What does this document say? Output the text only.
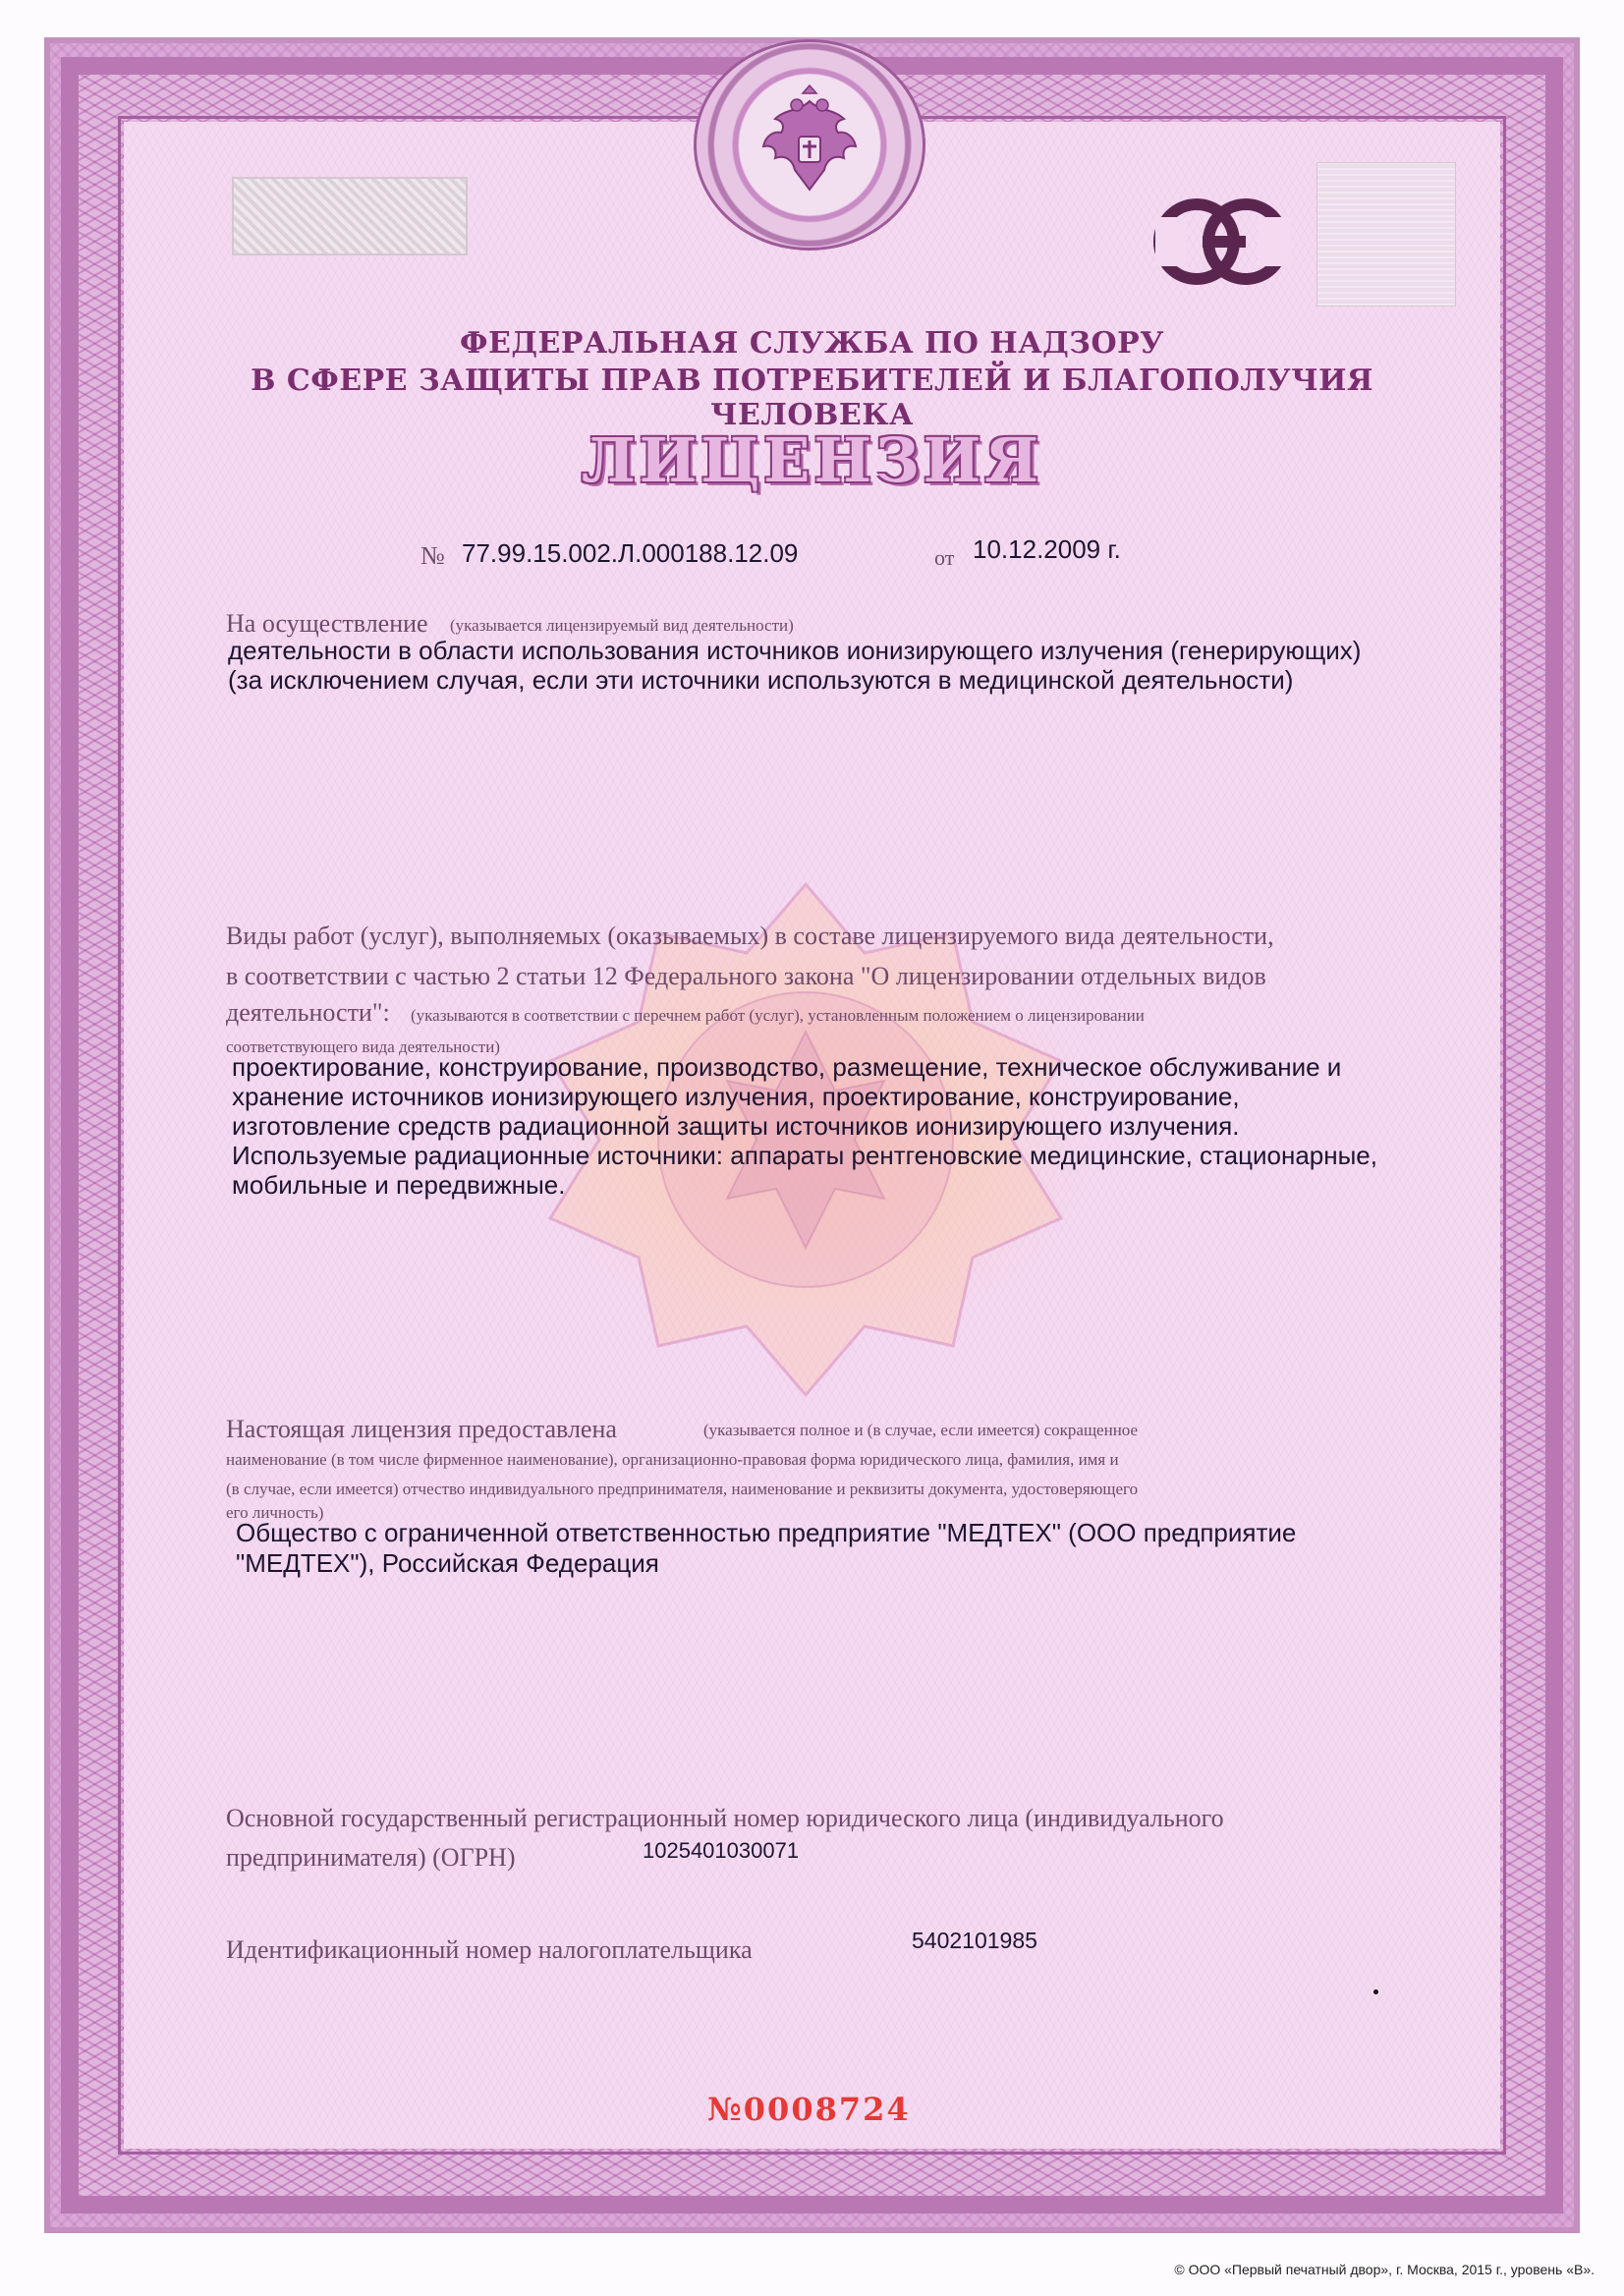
ФЕДЕРАЛЬНАЯ СЛУЖБА ПО НАДЗОРУ
В СФЕРЕ ЗАЩИТЫ ПРАВ ПОТРЕБИТЕЛЕЙ И БЛАГОПОЛУЧИЯ ЧЕЛОВЕКА
ЛИЦЕНЗИЯ
№ 77.99.15.002.Л.000188.12.09	от 10.12.2009 г.
На осуществление (указывается лицензируемый вид деятельности)
деятельности в области использования источников ионизирующего излучения (генерирующих)
(за исключением случая, если эти источники используются в медицинской деятельности)
Виды работ (услуг), выполняемых (оказываемых) в составе лицензируемого вида деятельности,
в соответствии с частью 2 статьи 12 Федерального закона "О лицензировании отдельных видов
деятельности": (указываются в соответствии с перечнем работ (услуг), установленным положением о лицензировании
соответствующего вида деятельности)
проектирование, конструирование, производство, размещение, техническое обслуживание и
хранение источников ионизирующего излучения, проектирование, конструирование,
изготовление средств радиационной защиты источников ионизирующего излучения.
Используемые радиационные источники: аппараты рентгеновские медицинские, стационарные,
мобильные и передвижные.
Настоящая лицензия предоставлена	(указывается полное и (в случае, если имеется) сокращенное
наименование (в том числе фирменное наименование), организационно-правовая форма юридического лица, фамилия, имя и
(в случае, если имеется) отчество индивидуального предпринимателя, наименование и реквизиты документа, удостоверяющего
его личность)
Общество с ограниченной ответственностью предприятие "МЕДТЕХ" (ООО предприятие
"МЕДТЕХ"), Российская Федерация
Основной государственный регистрационный номер юридического лица (индивидуального
предпринимателя) (ОГРН)	1025401030071
Идентификационный номер налогоплательщика	5402101985
№0008724
© ООО «Первый печатный двор», г. Москва, 2015 г., уровень «В».
